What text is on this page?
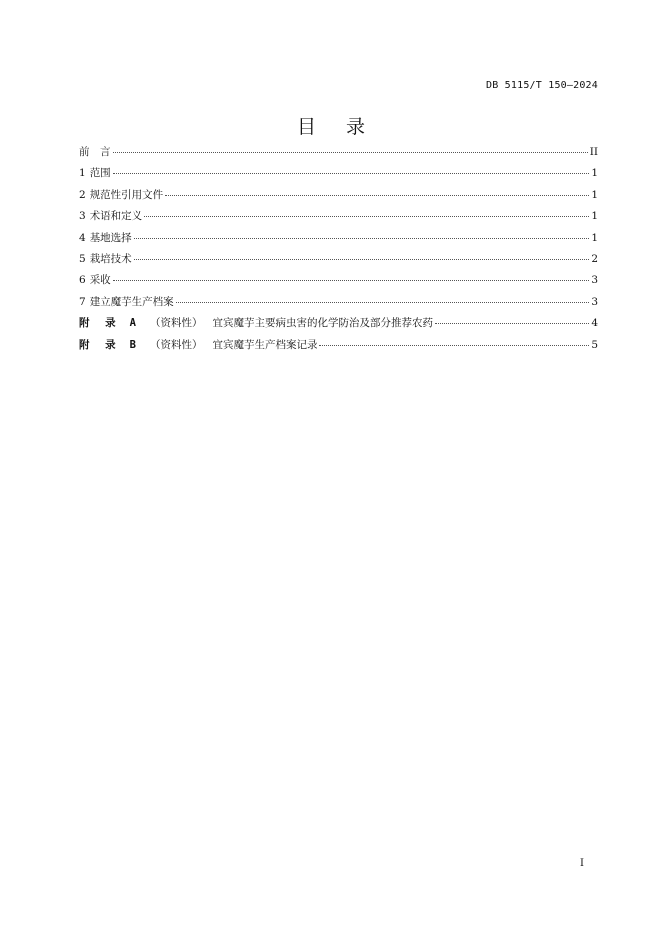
DB 5115/T 150—2024
目 录
前　言	II
1 范围	1
2 规范性引用文件	1
3 术语和定义	1
4 基地选择	1
5 栽培技术	2
6 采收	3
7 建立魔芋生产档案	3
附 录 A	（资料性） 宜宾魔芋主要病虫害的化学防治及部分推荐农药	4
附 录 B	（资料性） 宜宾魔芋生产档案记录	5
I
